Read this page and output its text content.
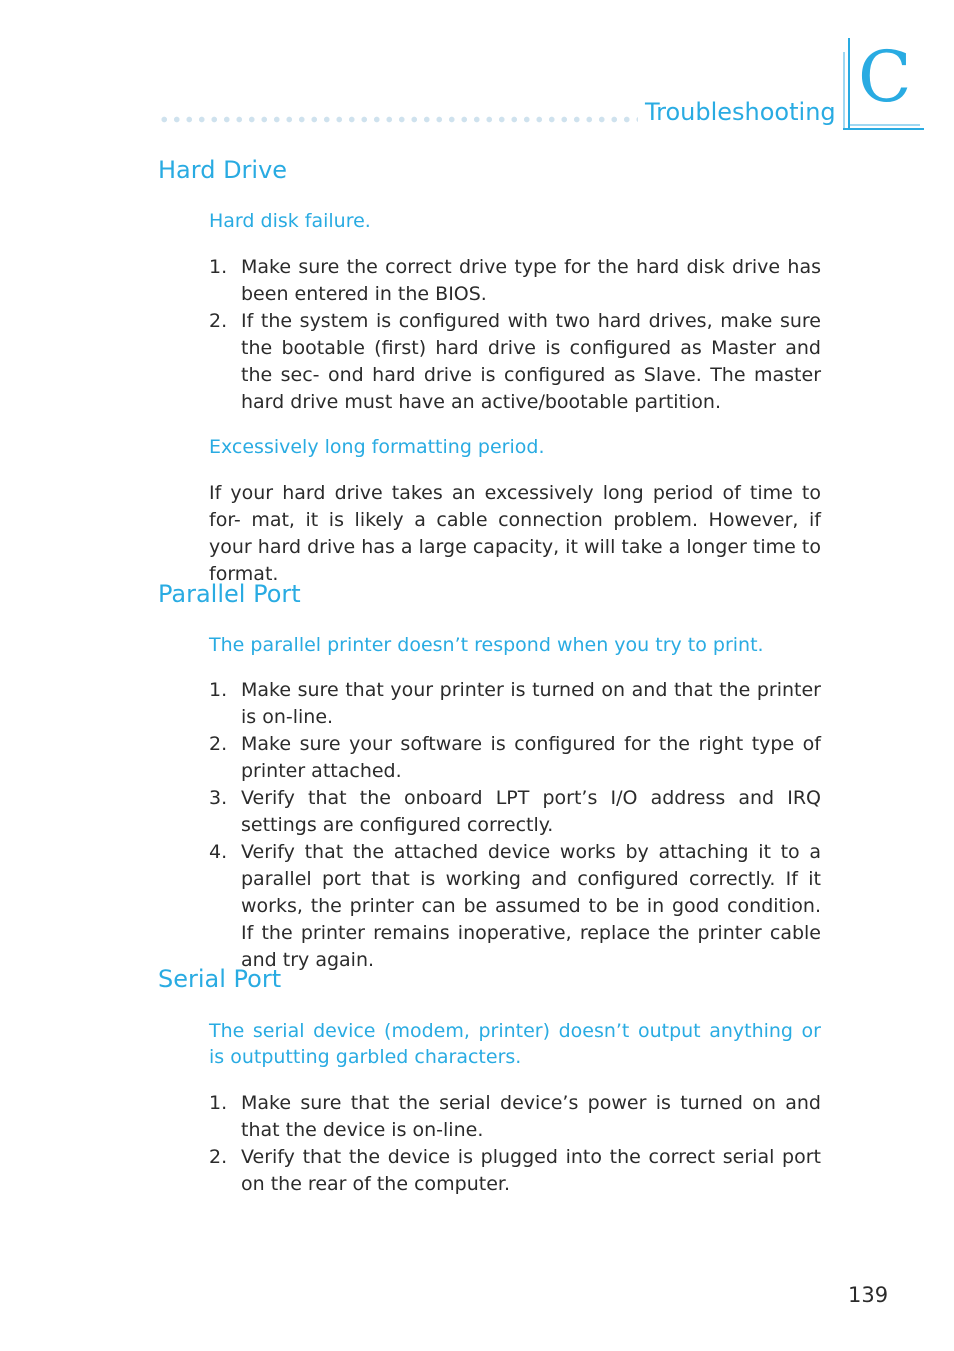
Troubleshooting C
Hard Drive
Hard disk failure.
1. Make sure the correct drive type for the hard disk drive has been entered in the BIOS.
2. If the system is configured with two hard drives, make sure the bootable (first) hard drive is configured as Master and the sec- ond hard drive is configured as Slave. The master hard drive must have an active/bootable partition.
Excessively long formatting period.

If your hard drive takes an excessively long period of time to for- mat, it is likely a cable connection problem. However, if your hard drive has a large capacity, it will take a longer time to format.

Parallel Port
The parallel printer doesn’t respond when you try to print.
1. Make sure that your printer is turned on and that the printer is on-line.
2. Make sure your software is configured for the right type of printer attached.
3. Verify that the onboard LPT port’s I/O address and IRQ settings are configured correctly.
4. Verify that the attached device works by attaching it to a parallel port that is working and configured correctly. If it works, the printer can be assumed to be in good condition. If the printer remains inoperative, replace the printer cable and try again.
Serial Port
The serial device (modem, printer) doesn’t output anything or is outputting garbled characters.
1. Make sure that the serial device’s power is turned on and that the device is on-line.
2. Verify that the device is plugged into the correct serial port on the rear of the computer.
139
